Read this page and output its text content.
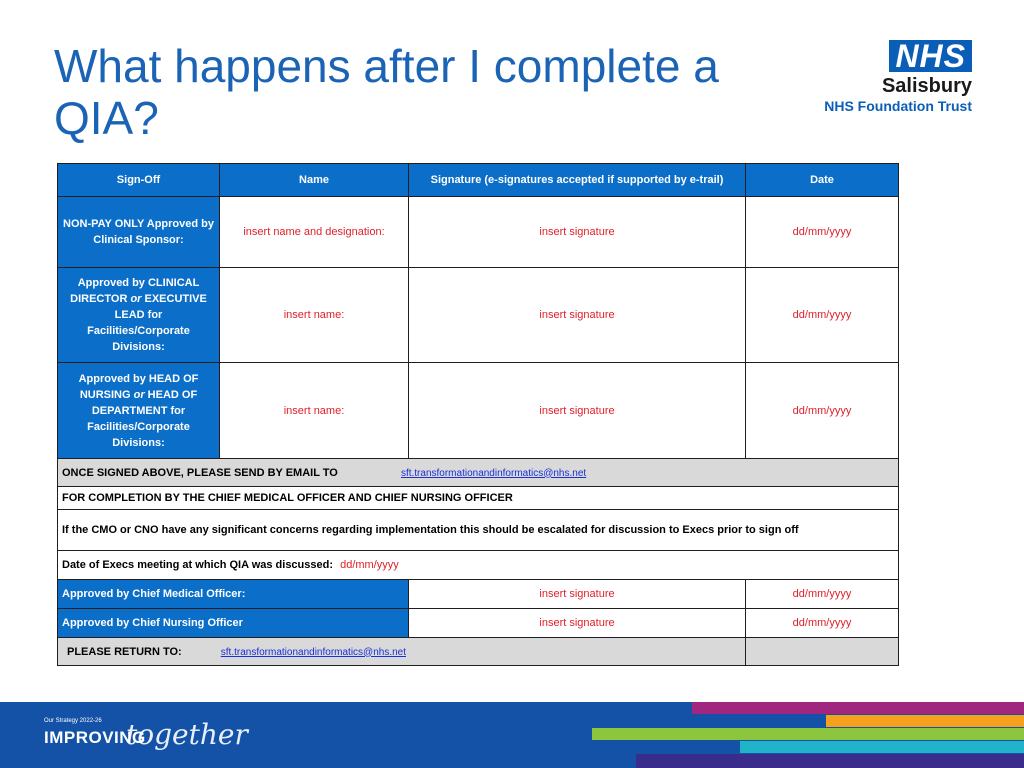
What happens after I complete a QIA?
NHS
Salisbury
NHS Foundation Trust
Sign-Off	Name	Signature (e-signatures accepted if supported by e-trail)	Date
NON-PAY ONLY Approved by Clinical Sponsor:	insert name and designation:	insert signature	dd/mm/yyyy
Approved by CLINICAL DIRECTOR or EXECUTIVE LEAD for Facilities/Corporate Divisions:	insert name:	insert signature	dd/mm/yyyy
Approved by HEAD OF NURSING or HEAD OF DEPARTMENT for Facilities/Corporate Divisions:	insert name:	insert signature	dd/mm/yyyy
ONCE SIGNED ABOVE, PLEASE SEND BY EMAIL TO sft.transformationandinformatics@nhs.net			
FOR COMPLETION BY THE CHIEF MEDICAL OFFICER AND CHIEF NURSING OFFICER			
If the CMO or CNO have any significant concerns regarding implementation this should be escalated for discussion to Execs prior to sign off			
Date of Execs meeting at which QIA was discussed: dd/mm/yyyy			
Approved by Chief Medical Officer:		insert signature	dd/mm/yyyy
Approved by Chief Nursing Officer		insert signature	dd/mm/yyyy
PLEASE RETURN TO: sft.transformationandinformatics@nhs.net			
Our Strategy 2022-26
IMPROVING
together
